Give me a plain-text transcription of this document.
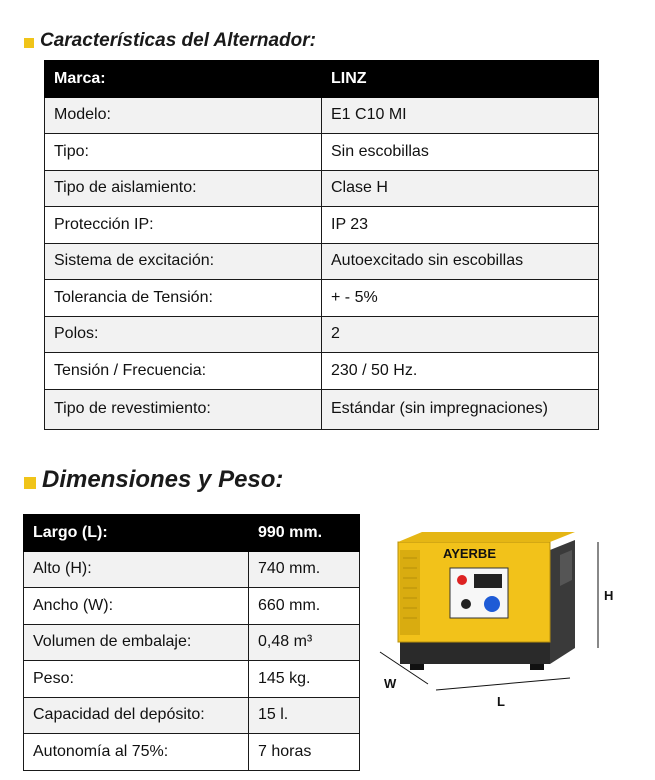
Características del Alternador:
Marca:	LINZ
Modelo:	E1 C10 MI
Tipo:	Sin escobillas
Tipo de aislamiento:	Clase H
Protección IP:	IP 23
Sistema de excitación:	Autoexcitado sin escobillas
Tolerancia de Tensión:	+ - 5%
Polos:	2
Tensión / Frecuencia:	230 / 50 Hz.
Tipo de revestimiento:	Estándar (sin impregnaciones)
Dimensiones y Peso:
Largo (L):	990 mm.
Alto (H):	740 mm.
Ancho (W):	660 mm.
Volumen de embalaje:	0,48 m³
Peso:	145 kg.
Capacidad del depósito:	15 l.
Autonomía al 75%:	7 horas
AYERBE
H
W
L
